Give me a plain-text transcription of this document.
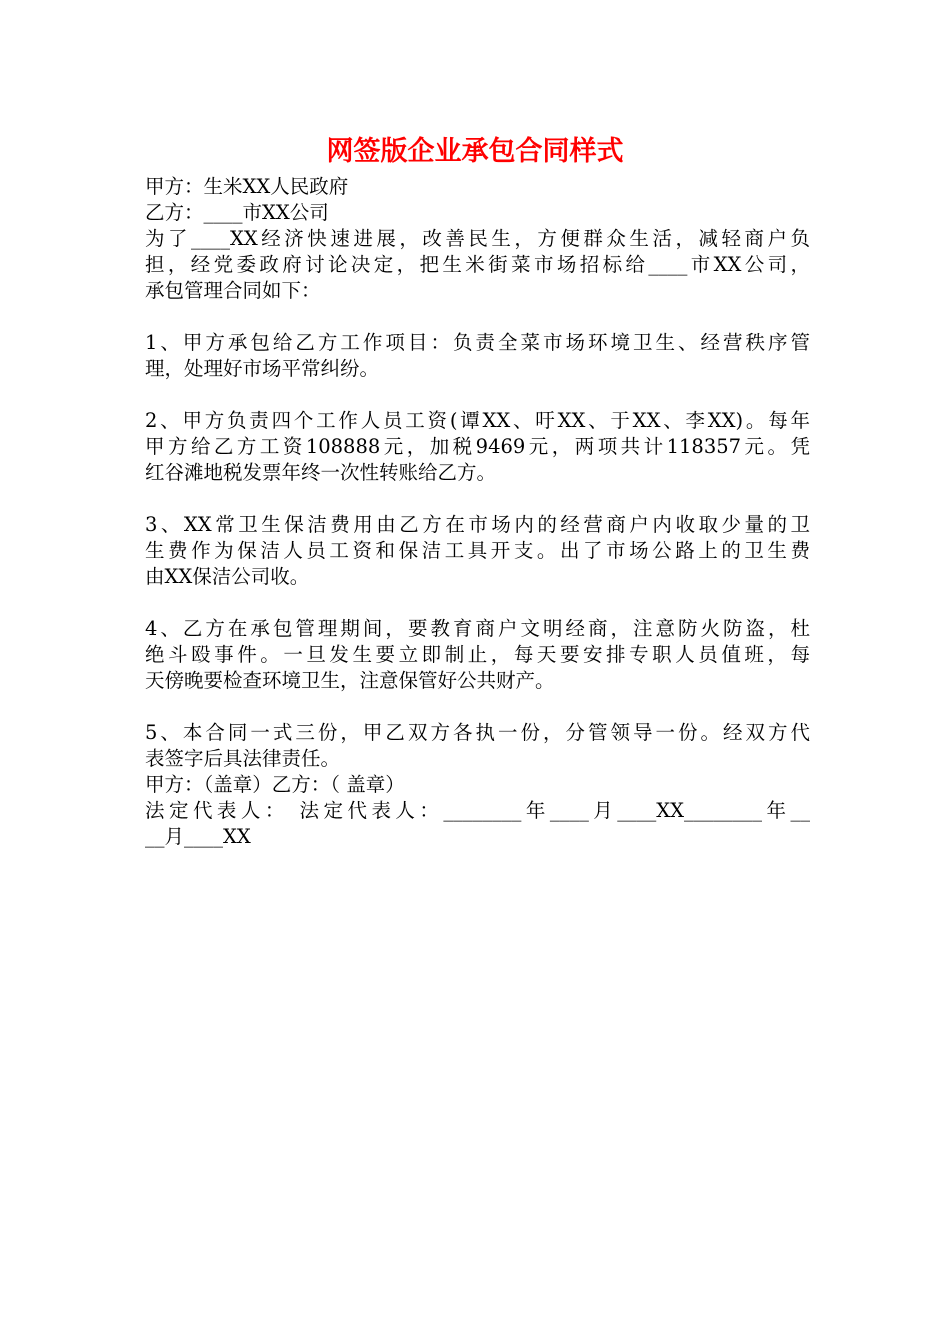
网签版企业承包合同样式
甲方：生米XX人民政府
乙方：____市XX公司
为了____XX经济快速进展，改善民生，方便群众生活，减轻商户负
担，经党委政府讨论决定，把生米街菜市场招标给____市XX公司，
承包管理合同如下：
1、甲方承包给乙方工作项目：负责全菜市场环境卫生、经营秩序管
理，处理好市场平常纠纷。
2、甲方负责四个工作人员工资(谭XX、吁XX、于XX、李XX)。每年
甲方给乙方工资108888元，加税9469元，两项共计118357元。凭
红谷滩地税发票年终一次性转账给乙方。
3、XX常卫生保洁费用由乙方在市场内的经营商户内收取少量的卫
生费作为保洁人员工资和保洁工具开支。出了市场公路上的卫生费
由XX保洁公司收。
4、乙方在承包管理期间，要教育商户文明经商，注意防火防盗，杜
绝斗殴事件。一旦发生要立即制止，每天要安排专职人员值班，每
天傍晚要检查环境卫生，注意保管好公共财产。
5、本合同一式三份，甲乙双方各执一份，分管领导一份。经双方代
表签字后具法律责任。
甲方：（盖章）乙方：（ 盖章）
法定代表人： 法定代表人：________年____月____XX________年__
__月____XX
